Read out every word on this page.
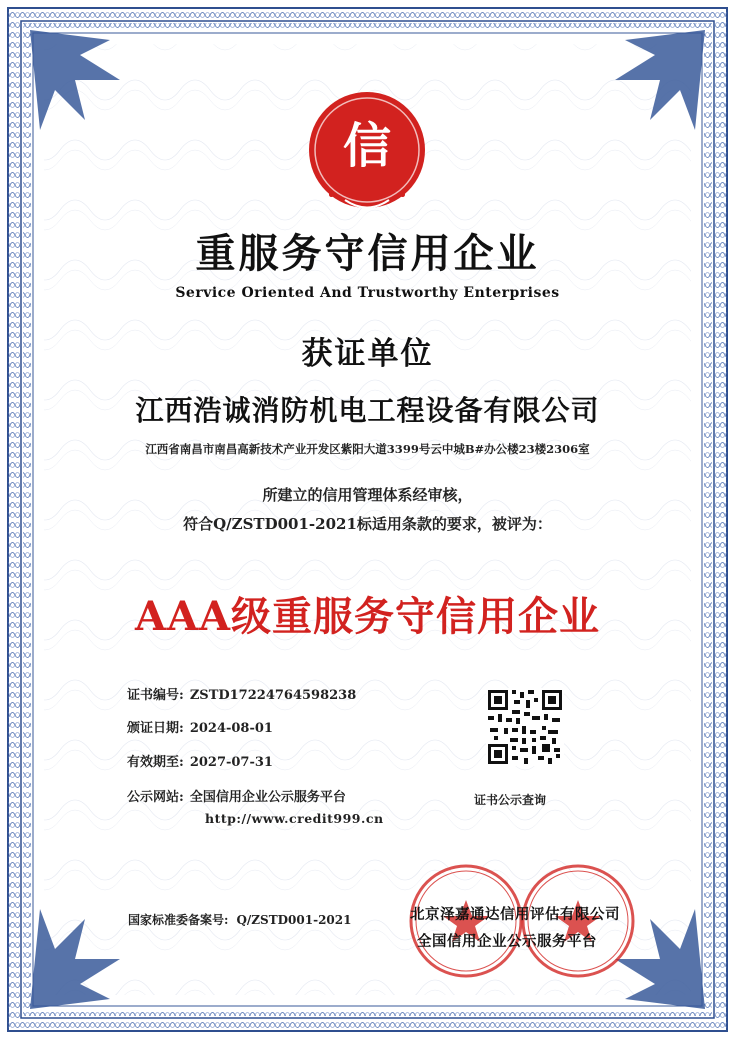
信
重服务守信用企业
Service Oriented And Trustworthy Enterprises
获证单位
江西浩诚消防机电工程设备有限公司
江西省南昌市南昌高新技术产业开发区紫阳大道3399号云中城B#办公楼23楼2306室
所建立的信用管理体系经审核，
符合Q/ZSTD001-2021标适用条款的要求，被评为：
AAA级重服务守信用企业
证书编号: ZSTD17224764598238
颁证日期: 2024-08-01
有效期至: 2027-07-31
公示网站: 全国信用企业公示服务平台
http://www.credit999.cn
证书公示查询
国家标准委备案号: Q/ZSTD001-2021	北京泽嘉通达信用评估有限公司
全国信用企业公示服务平台
